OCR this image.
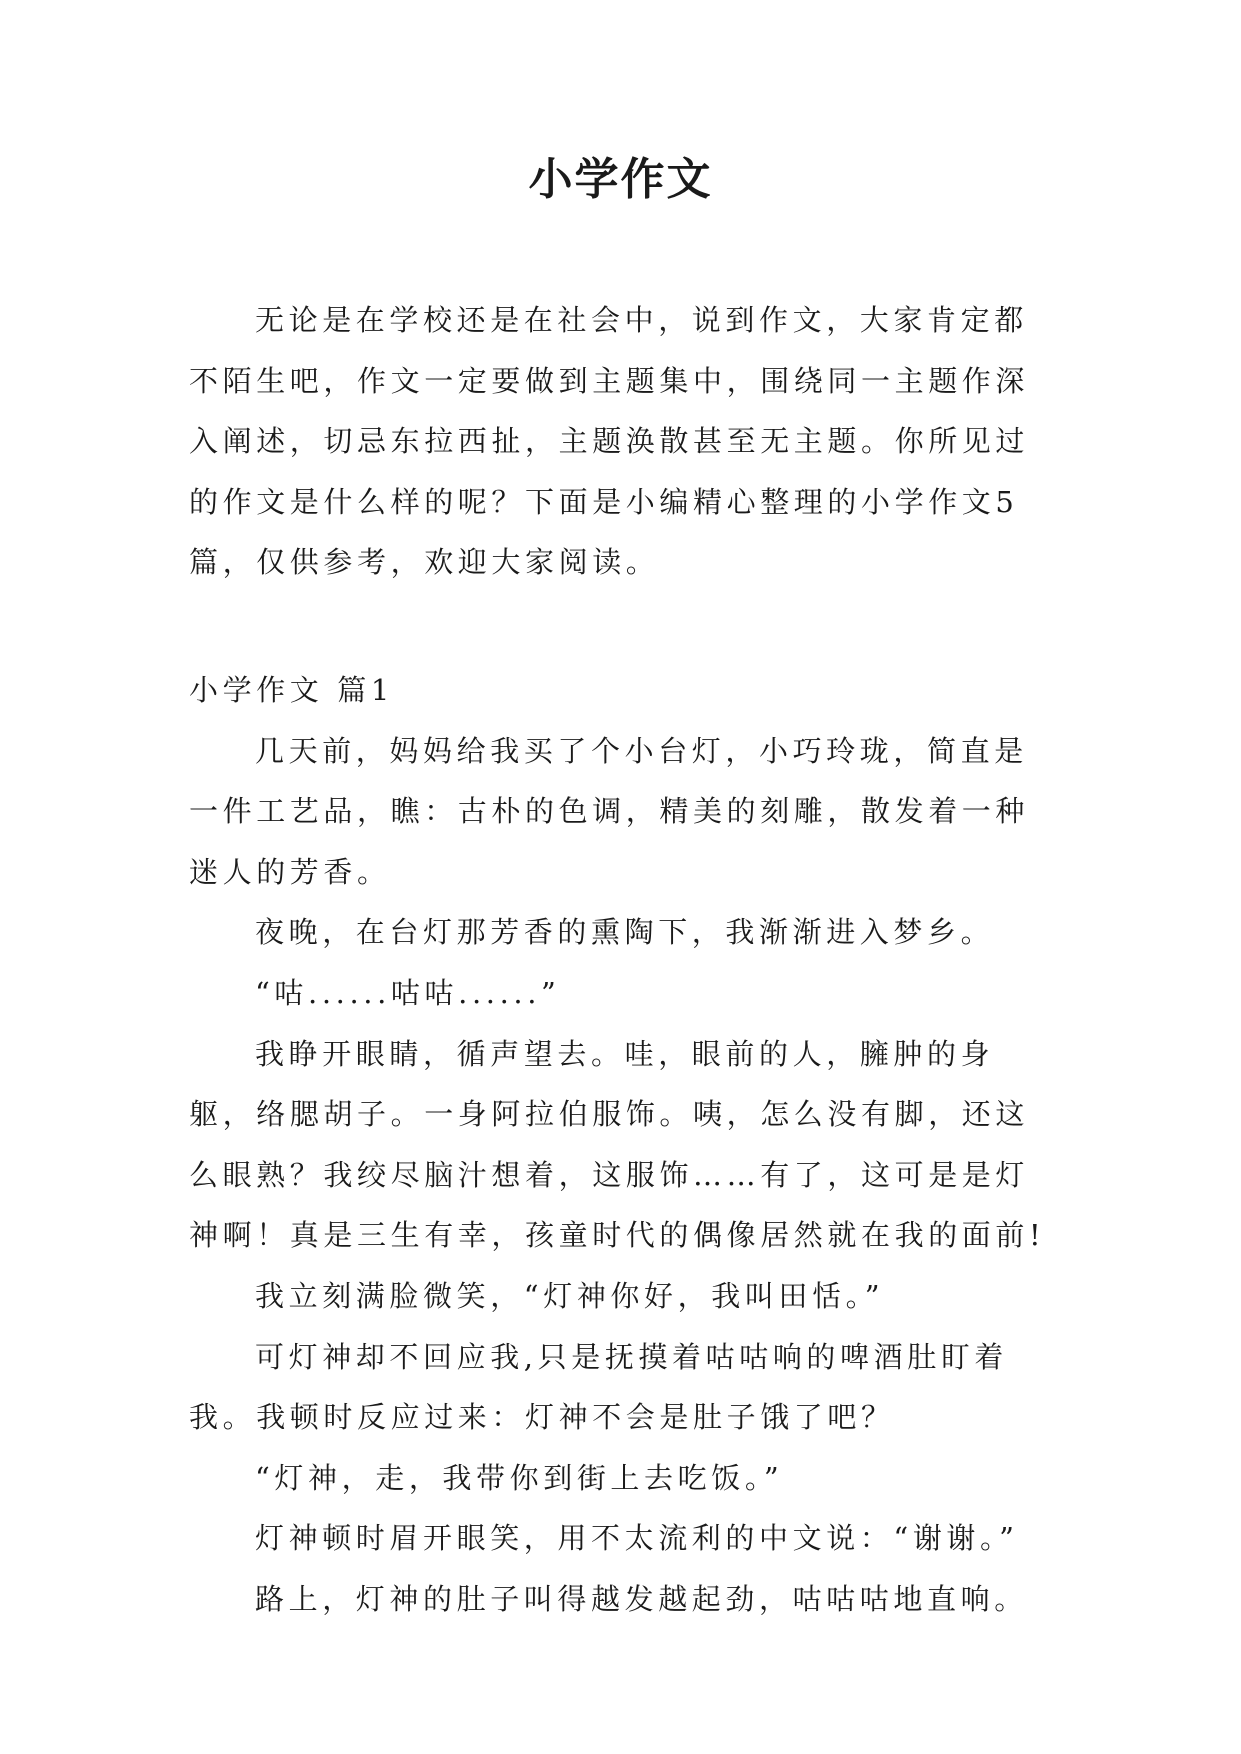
小学作文

无论是在学校还是在社会中，说到作文，大家肯定都不陌生吧，作文一定要做到主题集中，围绕同一主题作深入阐述，切忌东拉西扯，主题涣散甚至无主题。你所见过的作文是什么样的呢？下面是小编精心整理的小学作文5篇，仅供参考，欢迎大家阅读。

小学作文 篇1

几天前，妈妈给我买了个小台灯，小巧玲珑，简直是一件工艺品，瞧：古朴的色调，精美的刻雕，散发着一种迷人的芳香。

夜晚，在台灯那芳香的熏陶下，我渐渐进入梦乡。

“咕......咕咕......”

我睁开眼睛，循声望去。哇，眼前的人，臃肿的身躯，络腮胡子。一身阿拉伯服饰。咦，怎么没有脚，还这么眼熟？我绞尽脑汁想着，这服饰……有了，这可是是灯神啊！真是三生有幸，孩童时代的偶像居然就在我的面前!

我立刻满脸微笑，“灯神你好，我叫田恬。”

可灯神却不回应我,只是抚摸着咕咕响的啤酒肚盯着我。我顿时反应过来：灯神不会是肚子饿了吧？

“灯神，走，我带你到街上去吃饭。”

灯神顿时眉开眼笑，用不太流利的中文说：“谢谢。”

路上，灯神的肚子叫得越发越起劲，咕咕咕地直响。
